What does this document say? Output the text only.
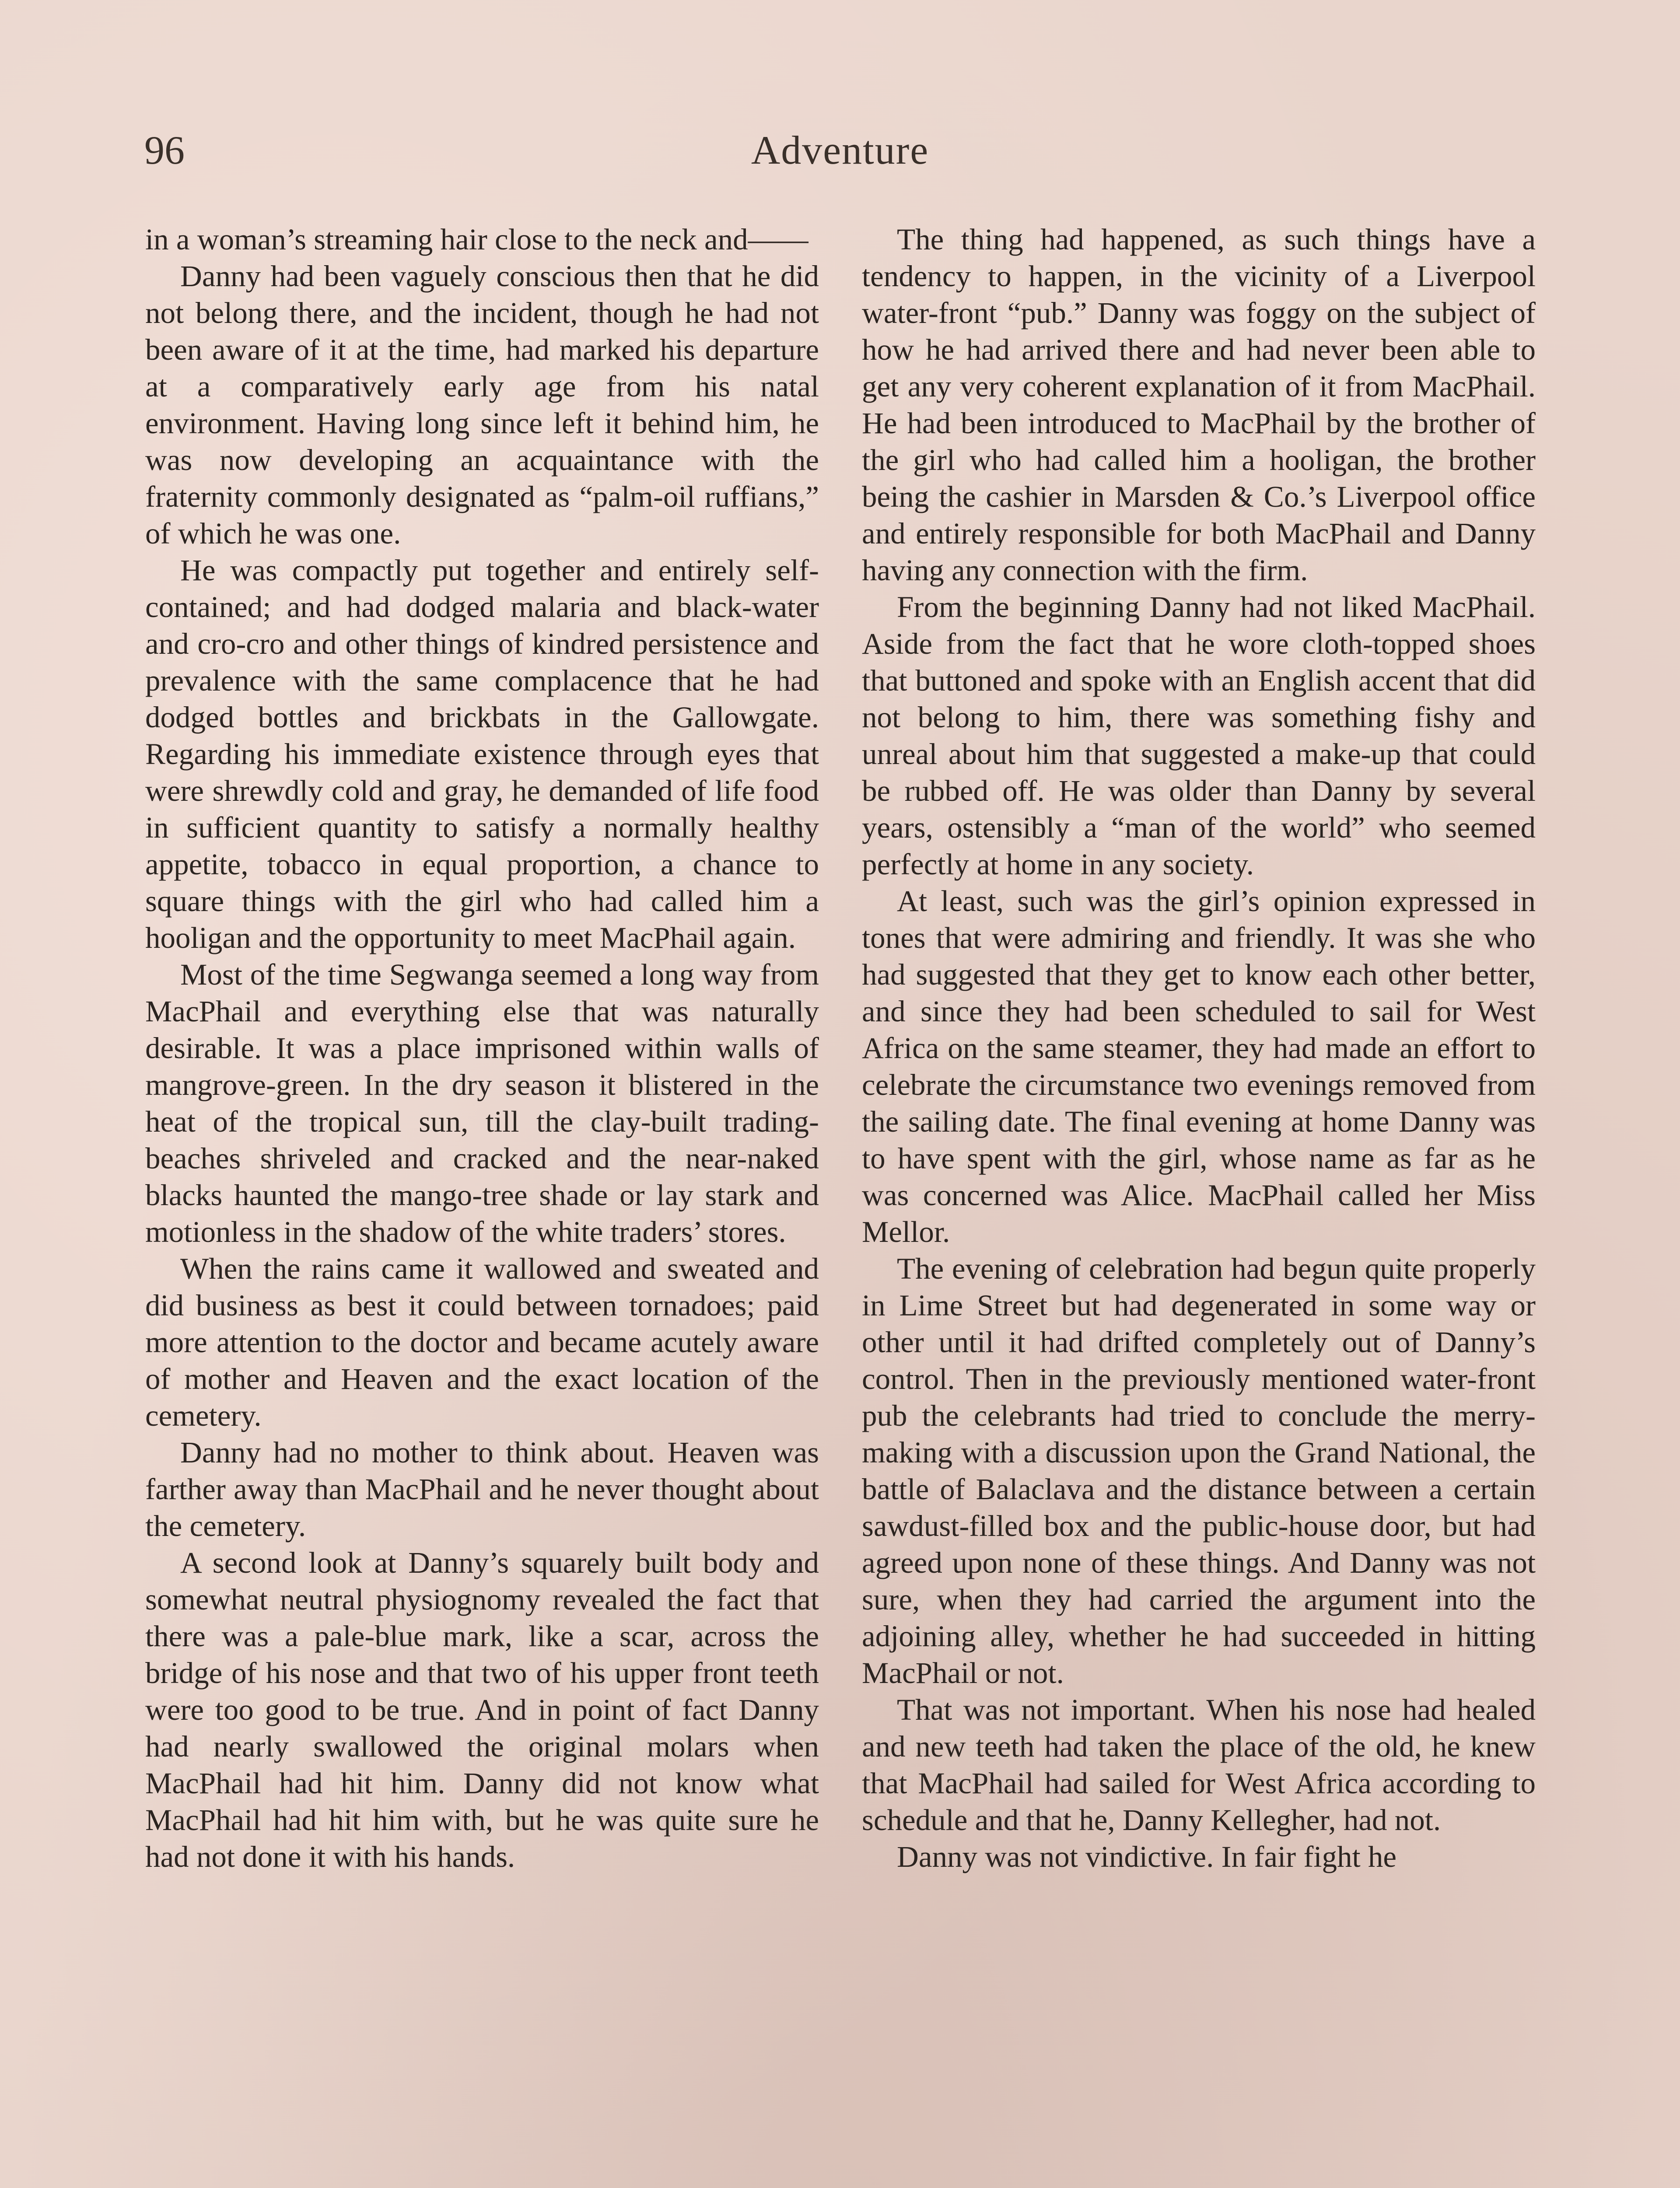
96	Adventure

in a woman’s streaming hair close to the neck and——

Danny had been vaguely conscious then that he did not belong there, and the incident, though he had not been aware of it at the time, had marked his departure at a comparatively early age from his natal environment. Having long since left it behind him, he was now developing an acquaintance with the fraternity commonly designated as “palm-oil ruffians,” of which he was one.

He was compactly put together and entirely self-contained; and had dodged malaria and black-water and cro-cro and other things of kindred persistence and prevalence with the same complacence that he had dodged bottles and brickbats in the Gallowgate. Regarding his immediate existence through eyes that were shrewdly cold and gray, he demanded of life food in sufficient quantity to satisfy a normally healthy appetite, tobacco in equal proportion, a chance to square things with the girl who had called him a hooligan and the opportunity to meet MacPhail again.

Most of the time Segwanga seemed a long way from MacPhail and everything else that was naturally desirable. It was a place imprisoned within walls of mangrove-green. In the dry season it blistered in the heat of the tropical sun, till the clay-built trading-beaches shriveled and cracked and the near-naked blacks haunted the mango-tree shade or lay stark and motionless in the shadow of the white traders’ stores.

When the rains came it wallowed and sweated and did business as best it could between tornadoes; paid more attention to the doctor and became acutely aware of mother and Heaven and the exact location of the cemetery.

Danny had no mother to think about. Heaven was farther away than MacPhail and he never thought about the cemetery.

A second look at Danny’s squarely built body and somewhat neutral physiognomy revealed the fact that there was a pale-blue mark, like a scar, across the bridge of his nose and that two of his upper front teeth were too good to be true. And in point of fact Danny had nearly swallowed the original molars when MacPhail had hit him. Danny did not know what MacPhail had hit him with, but he was quite sure he had not done it with his hands.

The thing had happened, as such things have a tendency to happen, in the vicinity of a Liverpool water-front “pub.” Danny was foggy on the subject of how he had arrived there and had never been able to get any very coherent explanation of it from MacPhail. He had been introduced to MacPhail by the brother of the girl who had called him a hooligan, the brother being the cashier in Marsden & Co.’s Liverpool office and entirely responsible for both MacPhail and Danny having any connection with the firm.

From the beginning Danny had not liked MacPhail. Aside from the fact that he wore cloth-topped shoes that buttoned and spoke with an English accent that did not belong to him, there was something fishy and unreal about him that suggested a make-up that could be rubbed off. He was older than Danny by several years, ostensibly a “man of the world” who seemed perfectly at home in any society.

At least, such was the girl’s opinion expressed in tones that were admiring and friendly. It was she who had suggested that they get to know each other better, and since they had been scheduled to sail for West Africa on the same steamer, they had made an effort to celebrate the circumstance two evenings removed from the sailing date. The final evening at home Danny was to have spent with the girl, whose name as far as he was concerned was Alice. MacPhail called her Miss Mellor.

The evening of celebration had begun quite properly in Lime Street but had degenerated in some way or other until it had drifted completely out of Danny’s control. Then in the previously mentioned water-front pub the celebrants had tried to conclude the merry-making with a discussion upon the Grand National, the battle of Balaclava and the distance between a certain sawdust-filled box and the public-house door, but had agreed upon none of these things. And Danny was not sure, when they had carried the argument into the adjoining alley, whether he had succeeded in hitting MacPhail or not.

That was not important. When his nose had healed and new teeth had taken the place of the old, he knew that MacPhail had sailed for West Africa according to schedule and that he, Danny Kellegher, had not.

Danny was not vindictive. In fair fight he
